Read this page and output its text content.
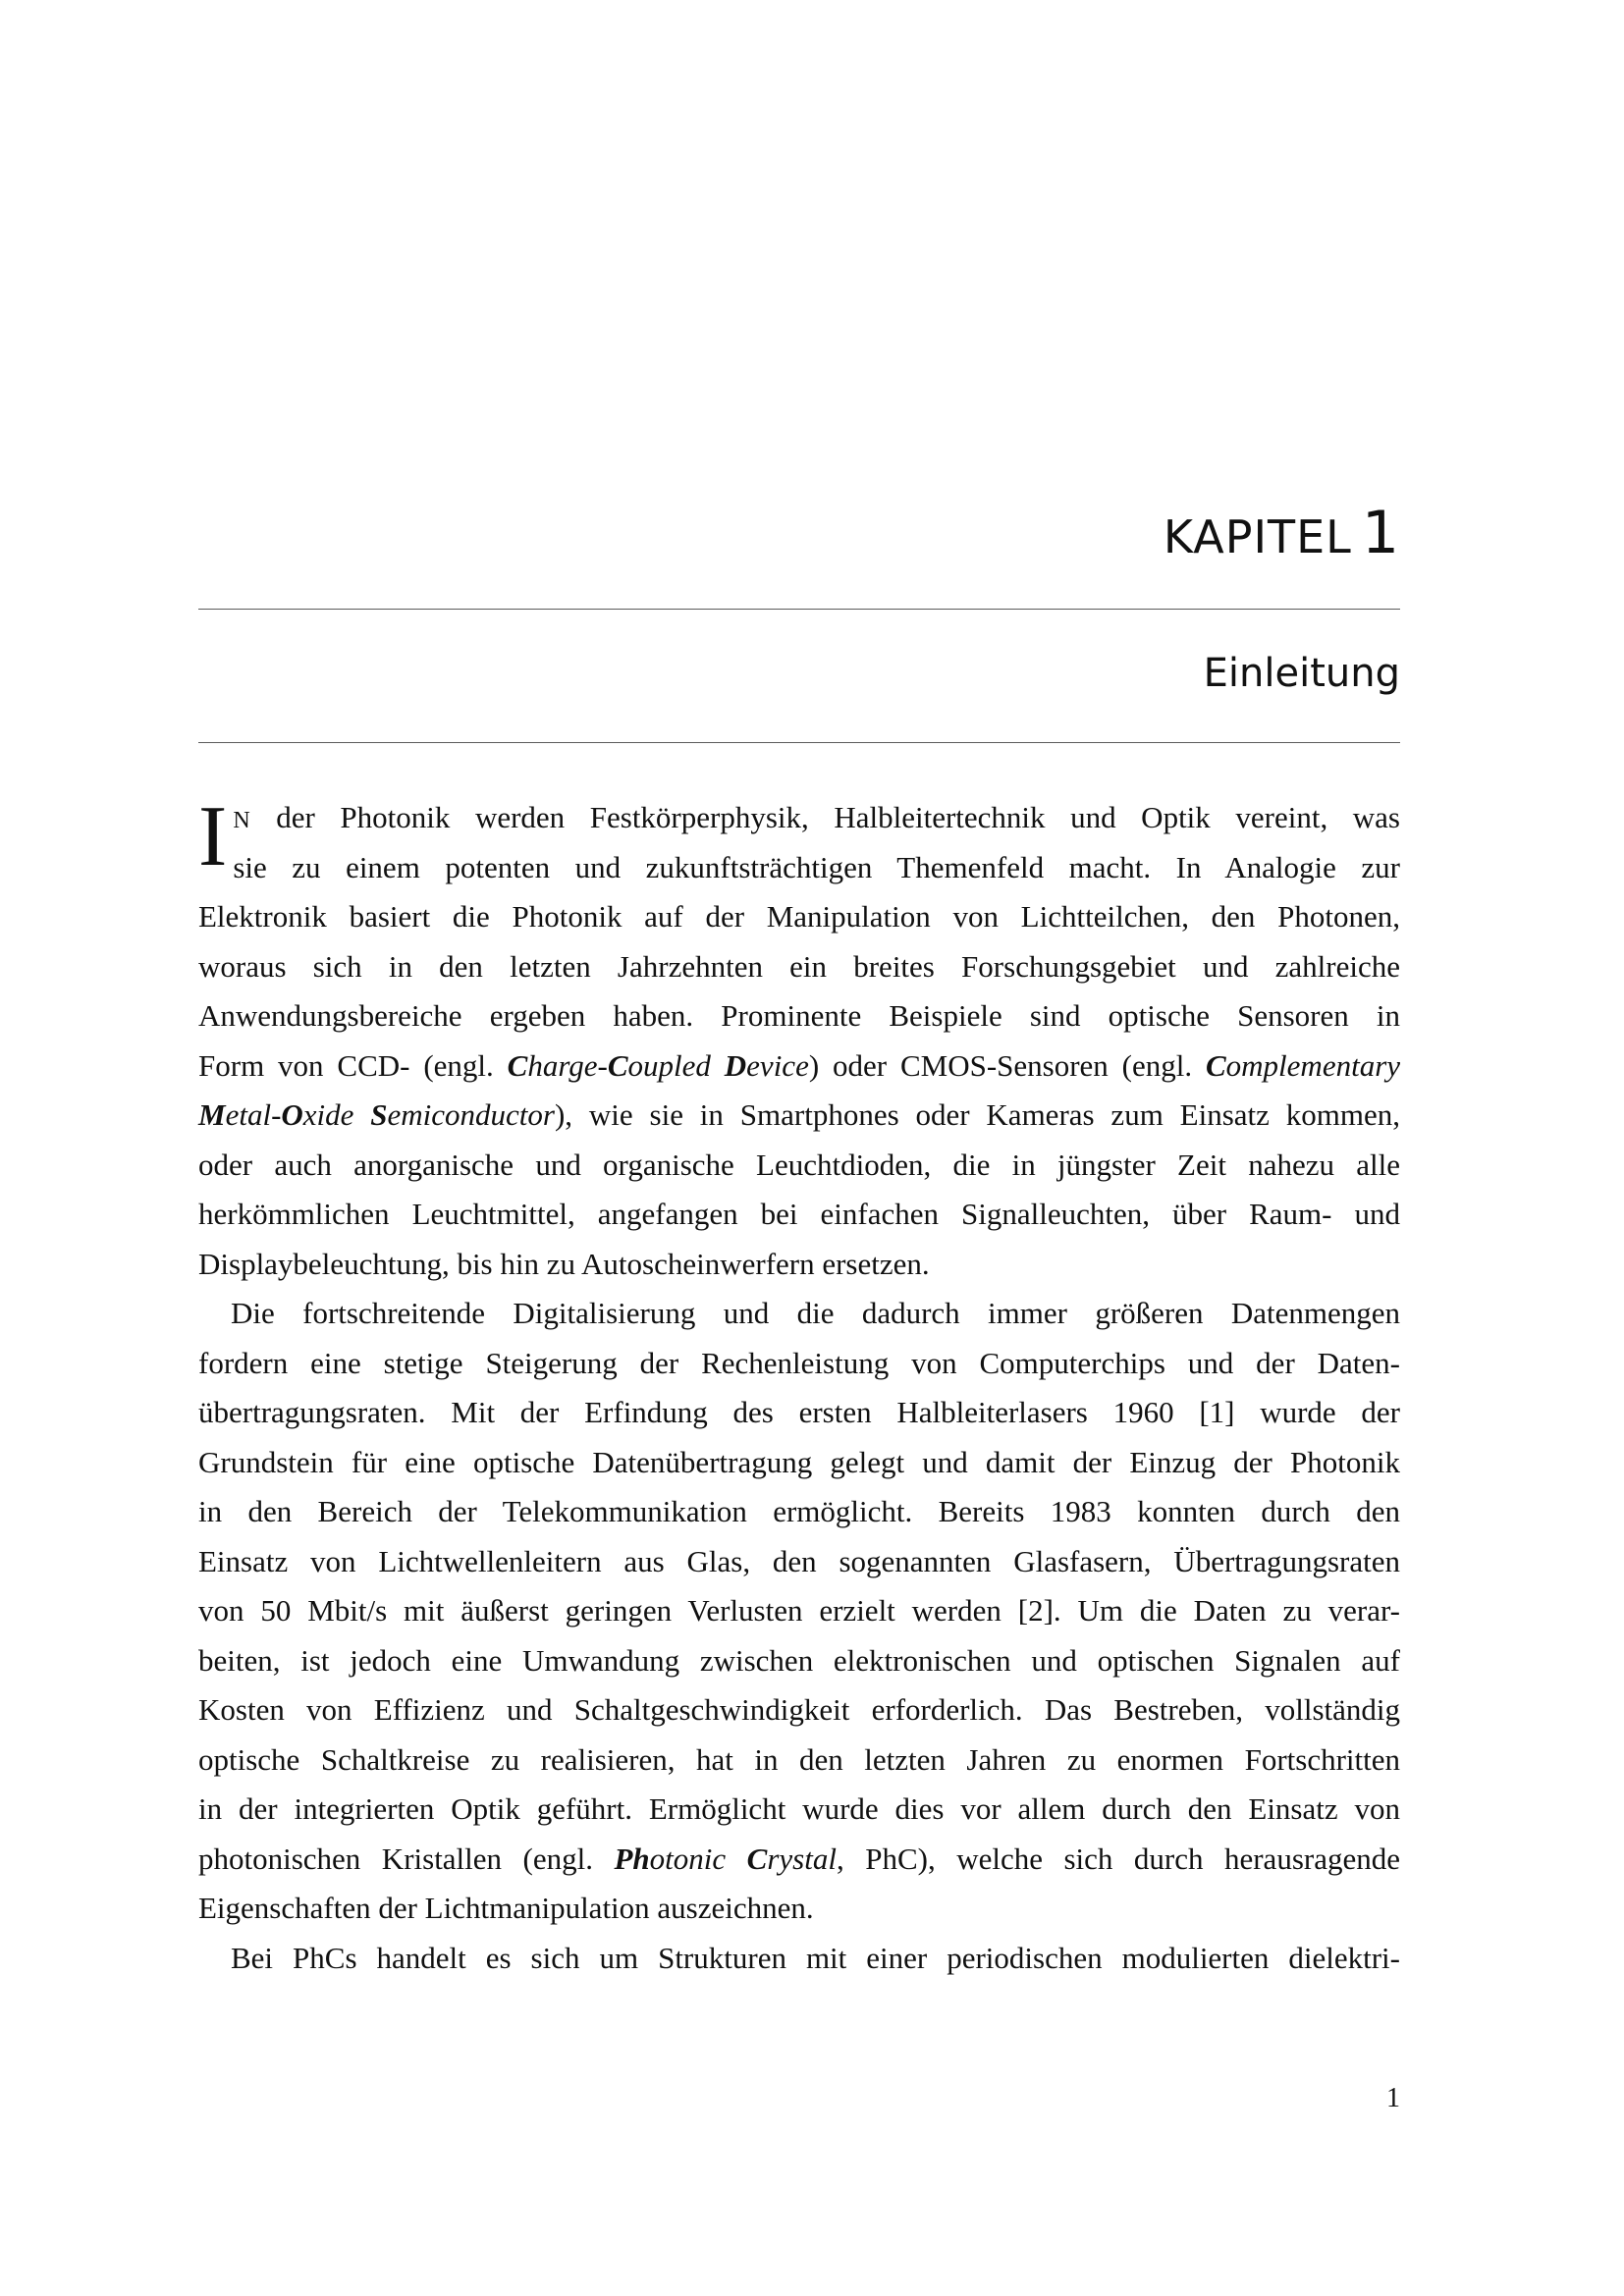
KAPITEL 1
Einleitung
I N der Photonik werden Festkörperphysik, Halbleitertechnik und Optik vereint, was
sie zu einem potenten und zukunftsträchtigen Themenfeld macht. In Analogie zur
Elektronik basiert die Photonik auf der Manipulation von Lichtteilchen, den Photonen,
woraus sich in den letzten Jahrzehnten ein breites Forschungsgebiet und zahlreiche
Anwendungsbereiche ergeben haben. Prominente Beispiele sind optische Sensoren in
Form von CCD- (engl. Charge-Coupled Device) oder CMOS-Sensoren (engl. Complementary
Metal-Oxide Semiconductor), wie sie in Smartphones oder Kameras zum Einsatz kommen,
oder auch anorganische und organische Leuchtdioden, die in jüngster Zeit nahezu alle
herkömmlichen Leuchtmittel, angefangen bei einfachen Signalleuchten, über Raum- und
Displaybeleuchtung, bis hin zu Autoscheinwerfern ersetzen.
Die fortschreitende Digitalisierung und die dadurch immer größeren Datenmengen
fordern eine stetige Steigerung der Rechenleistung von Computerchips und der Daten-
übertragungsraten. Mit der Erfindung des ersten Halbleiterlasers 1960 [1] wurde der
Grundstein für eine optische Datenübertragung gelegt und damit der Einzug der Photonik
in den Bereich der Telekommunikation ermöglicht. Bereits 1983 konnten durch den
Einsatz von Lichtwellenleitern aus Glas, den sogenannten Glasfasern, Übertragungsraten
von 50 Mbit/s mit äußerst geringen Verlusten erzielt werden [2]. Um die Daten zu verar-
beiten, ist jedoch eine Umwandung zwischen elektronischen und optischen Signalen auf
Kosten von Effizienz und Schaltgeschwindigkeit erforderlich. Das Bestreben, vollständig
optische Schaltkreise zu realisieren, hat in den letzten Jahren zu enormen Fortschritten
in der integrierten Optik geführt. Ermöglicht wurde dies vor allem durch den Einsatz von
photonischen Kristallen (engl. Photonic Crystal, PhC), welche sich durch herausragende
Eigenschaften der Lichtmanipulation auszeichnen.
Bei PhCs handelt es sich um Strukturen mit einer periodischen modulierten dielektri-
1
